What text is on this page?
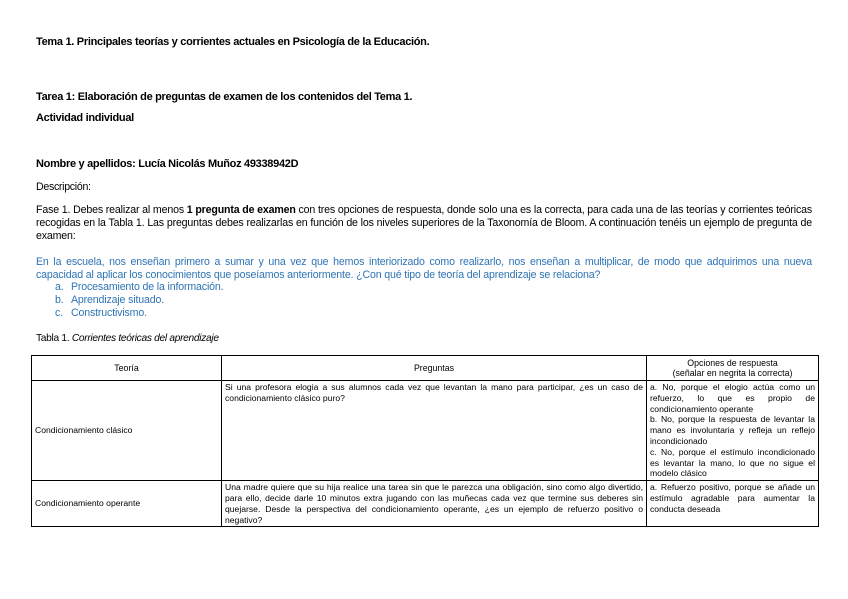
Tema 1. Principales teorías y corrientes actuales en Psicología de la Educación.
Tarea 1: Elaboración de preguntas de examen de los contenidos del Tema 1.
Actividad individual
Nombre y apellidos: Lucía Nicolás Muñoz 49338942D
Descripción:
Fase 1. Debes realizar al menos 1 pregunta de examen con tres opciones de respuesta, donde solo una es la correcta, para cada una de las teorías y corrientes teóricas recogidas en la Tabla 1. Las preguntas debes realizarlas en función de los niveles superiores de la Taxonomía de Bloom. A continuación tenéis un ejemplo de pregunta de examen:
En la escuela, nos enseñan primero a sumar y una vez que hemos interiorizado como realizarlo, nos enseñan a multiplicar, de modo que adquirimos una nueva capacidad al aplicar los conocimientos que poseíamos anteriormente. ¿Con qué tipo de teoría del aprendizaje se relaciona?
a. Procesamiento de la información.
b. Aprendizaje situado.
c. Constructivismo.
Tabla 1. Corrientes teóricas del aprendizaje
Teoría	Preguntas	Opciones de respuesta
(señalar en negrita la correcta)

Condicionamiento clásico	Si una profesora elogia a sus alumnos cada vez que levantan la mano para participar, ¿es un caso de condicionamiento clásico puro?	a. No, porque el elogio actúa como un refuerzo, lo que es propio de condicionamiento operante
b. No, porque la respuesta de levantar la mano es involuntaria y refleja un reflejo incondicionado
c. No, porque el estímulo incondicionado es levantar la mano, lo que no sigue el modelo clásico

Condicionamiento operante	Una madre quiere que su hija realice una tarea sin que le parezca una obligación, sino como algo divertido, para ello, decide darle 10 minutos extra jugando con las muñecas cada vez que termine sus deberes sin quejarse. Desde la perspectiva del condicionamiento operante, ¿es un ejemplo de refuerzo positivo o negativo?	a. Refuerzo positivo, porque se añade un estímulo agradable para aumentar la conducta deseada
